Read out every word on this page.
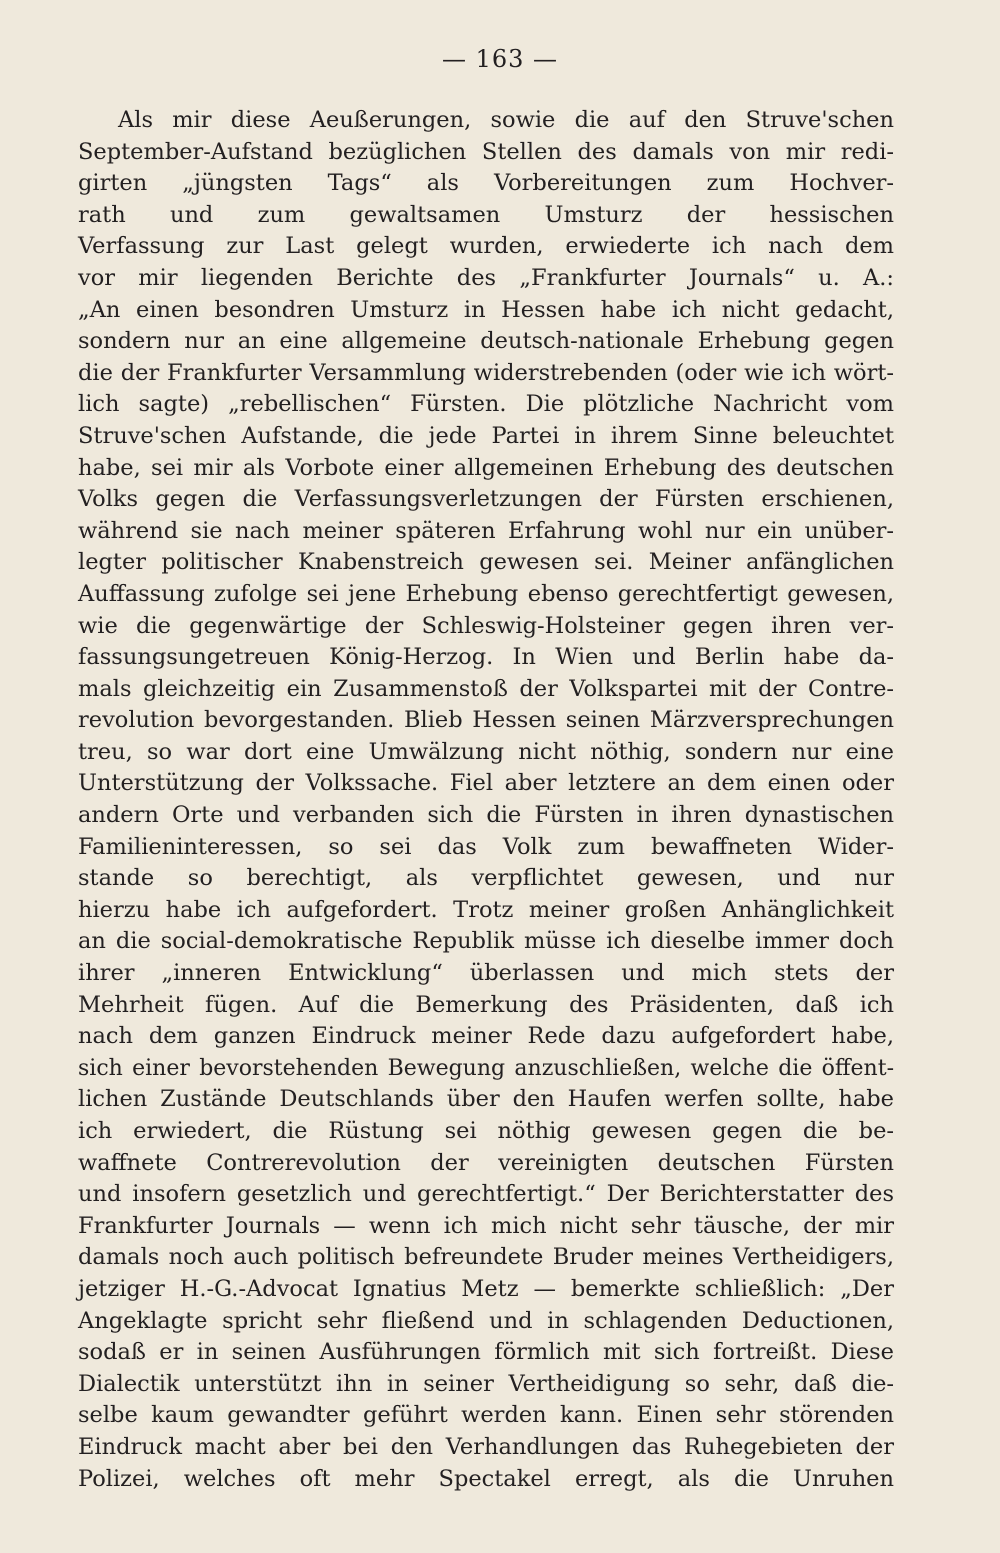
— 163 —
Als mir diese Aeußerungen, sowie die auf den Struve'schen
September-Aufstand bezüglichen Stellen des damals von mir redi-
girten „jüngsten Tags“ als Vorbereitungen zum Hochver-
rath und zum gewaltsamen Umsturz der hessischen
Verfassung zur Last gelegt wurden, erwiederte ich nach dem
vor mir liegenden Berichte des „Frankfurter Journals“ u. A.:
„An einen besondren Umsturz in Hessen habe ich nicht gedacht,
sondern nur an eine allgemeine deutsch-nationale Erhebung gegen
die der Frankfurter Versammlung widerstrebenden (oder wie ich wört-
lich sagte) „rebellischen“ Fürsten. Die plötzliche Nachricht vom
Struve'schen Aufstande, die jede Partei in ihrem Sinne beleuchtet
habe, sei mir als Vorbote einer allgemeinen Erhebung des deutschen
Volks gegen die Verfassungsverletzungen der Fürsten erschienen,
während sie nach meiner späteren Erfahrung wohl nur ein unüber-
legter politischer Knabenstreich gewesen sei. Meiner anfänglichen
Auffassung zufolge sei jene Erhebung ebenso gerechtfertigt gewesen,
wie die gegenwärtige der Schleswig-Holsteiner gegen ihren ver-
fassungsungetreuen König-Herzog. In Wien und Berlin habe da-
mals gleichzeitig ein Zusammenstoß der Volkspartei mit der Contre-
revolution bevorgestanden. Blieb Hessen seinen Märzversprechungen
treu, so war dort eine Umwälzung nicht nöthig, sondern nur eine
Unterstützung der Volkssache. Fiel aber letztere an dem einen oder
andern Orte und verbanden sich die Fürsten in ihren dynastischen
Familieninteressen, so sei das Volk zum bewaffneten Wider-
stande so berechtigt, als verpflichtet gewesen, und nur
hierzu habe ich aufgefordert. Trotz meiner großen Anhänglichkeit
an die social-demokratische Republik müsse ich dieselbe immer doch
ihrer „inneren Entwicklung“ überlassen und mich stets der
Mehrheit fügen. Auf die Bemerkung des Präsidenten, daß ich
nach dem ganzen Eindruck meiner Rede dazu aufgefordert habe,
sich einer bevorstehenden Bewegung anzuschließen, welche die öffent-
lichen Zustände Deutschlands über den Haufen werfen sollte, habe
ich erwiedert, die Rüstung sei nöthig gewesen gegen die be-
waffnete Contrerevolution der vereinigten deutschen Fürsten
und insofern gesetzlich und gerechtfertigt.“ Der Berichterstatter des
Frankfurter Journals — wenn ich mich nicht sehr täusche, der mir
damals noch auch politisch befreundete Bruder meines Vertheidigers,
jetziger H.-G.-Advocat Ignatius Metz — bemerkte schließlich: „Der
Angeklagte spricht sehr fließend und in schlagenden Deductionen,
sodaß er in seinen Ausführungen förmlich mit sich fortreißt. Diese
Dialectik unterstützt ihn in seiner Vertheidigung so sehr, daß die-
selbe kaum gewandter geführt werden kann. Einen sehr störenden
Eindruck macht aber bei den Verhandlungen das Ruhegebieten der
Polizei, welches oft mehr Spectakel erregt, als die Unruhen
